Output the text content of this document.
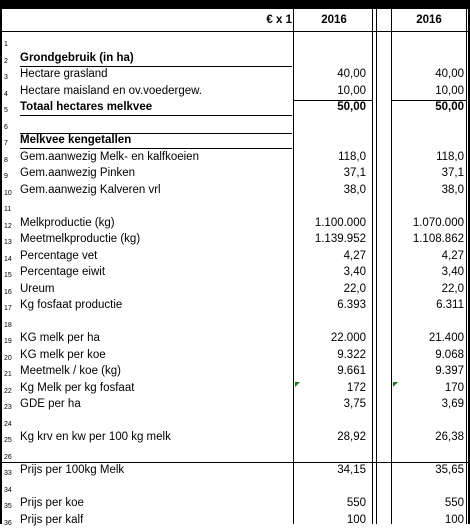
€ x 1	2016	2016
1
2 Grondgebruik (in ha)
3 Hectare grasland	40,00	40,00
4 Hectare maisland en ov.voedergew.	10,00	10,00
5 Totaal hectares melkvee	50,00	50,00
6
7 Melkvee kengetallen
8 Gem.aanwezig Melk- en kalfkoeien	118,0	118,0
9 Gem.aanwezig Pinken	37,1	37,1
10 Gem.aanwezig Kalveren vrl	38,0	38,0
11
12 Melkproductie (kg)	1.100.000	1.070.000
13 Meetmelkproductie (kg)	1.139.952	1.108.862
14 Percentage vet	4,27	4,27
15 Percentage eiwit	3,40	3,40
16 Ureum	22,0	22,0
17 Kg fosfaat productie	6.393	6.311
18
19 KG melk per ha	22.000	21.400
20 KG melk per koe	9.322	9.068
21 Meetmelk / koe (kg)	9.661	9.397
22 Kg Melk per kg fosfaat	172	170
23 GDE per ha	3,75	3,69
24
25 Kg krv en kw per 100 kg melk	28,92	26,38
26
33 Prijs per 100kg Melk	34,15	35,65
34
35 Prijs per koe	550	550
36 Prijs per kalf	100	100
